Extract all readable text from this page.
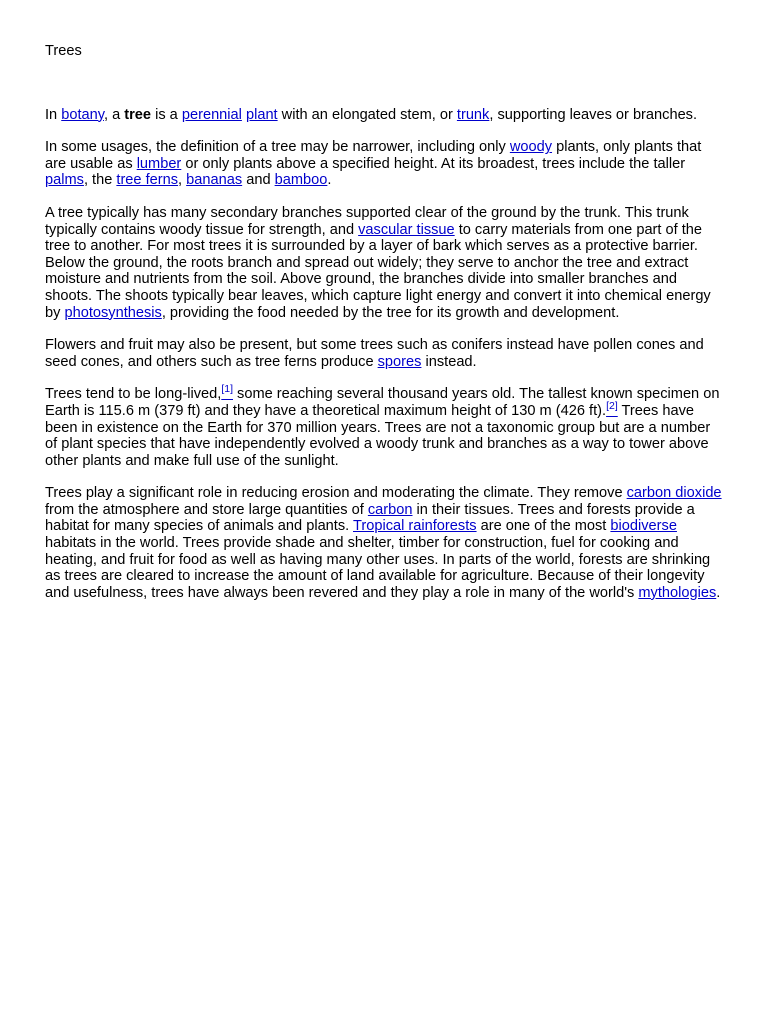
Trees

In botany, a tree is a perennial plant with an elongated stem, or trunk, supporting leaves or branches.

In some usages, the definition of a tree may be narrower, including only woody plants, only plants that are usable as lumber or only plants above a specified height. At its broadest, trees include the taller palms, the tree ferns, bananas and bamboo.

A tree typically has many secondary branches supported clear of the ground by the trunk. This trunk typically contains woody tissue for strength, and vascular tissue to carry materials from one part of the tree to another. For most trees it is surrounded by a layer of bark which serves as a protective barrier. Below the ground, the roots branch and spread out widely; they serve to anchor the tree and extract moisture and nutrients from the soil. Above ground, the branches divide into smaller branches and shoots. The shoots typically bear leaves, which capture light energy and convert it into chemical energy by photosynthesis, providing the food needed by the tree for its growth and development.

Flowers and fruit may also be present, but some trees such as conifers instead have pollen cones and seed cones, and others such as tree ferns produce spores instead.

Trees tend to be long-lived,[1] some reaching several thousand years old. The tallest known specimen on Earth is 115.6 m (379 ft) and they have a theoretical maximum height of 130 m (426 ft).[2] Trees have been in existence on the Earth for 370 million years. Trees are not a taxonomic group but are a number of plant species that have independently evolved a woody trunk and branches as a way to tower above other plants and make full use of the sunlight.

Trees play a significant role in reducing erosion and moderating the climate. They remove carbon dioxide from the atmosphere and store large quantities of carbon in their tissues. Trees and forests provide a habitat for many species of animals and plants. Tropical rainforests are one of the most biodiverse habitats in the world. Trees provide shade and shelter, timber for construction, fuel for cooking and heating, and fruit for food as well as having many other uses. In parts of the world, forests are shrinking as trees are cleared to increase the amount of land available for agriculture. Because of their longevity and usefulness, trees have always been revered and they play a role in many of the world's mythologies.
